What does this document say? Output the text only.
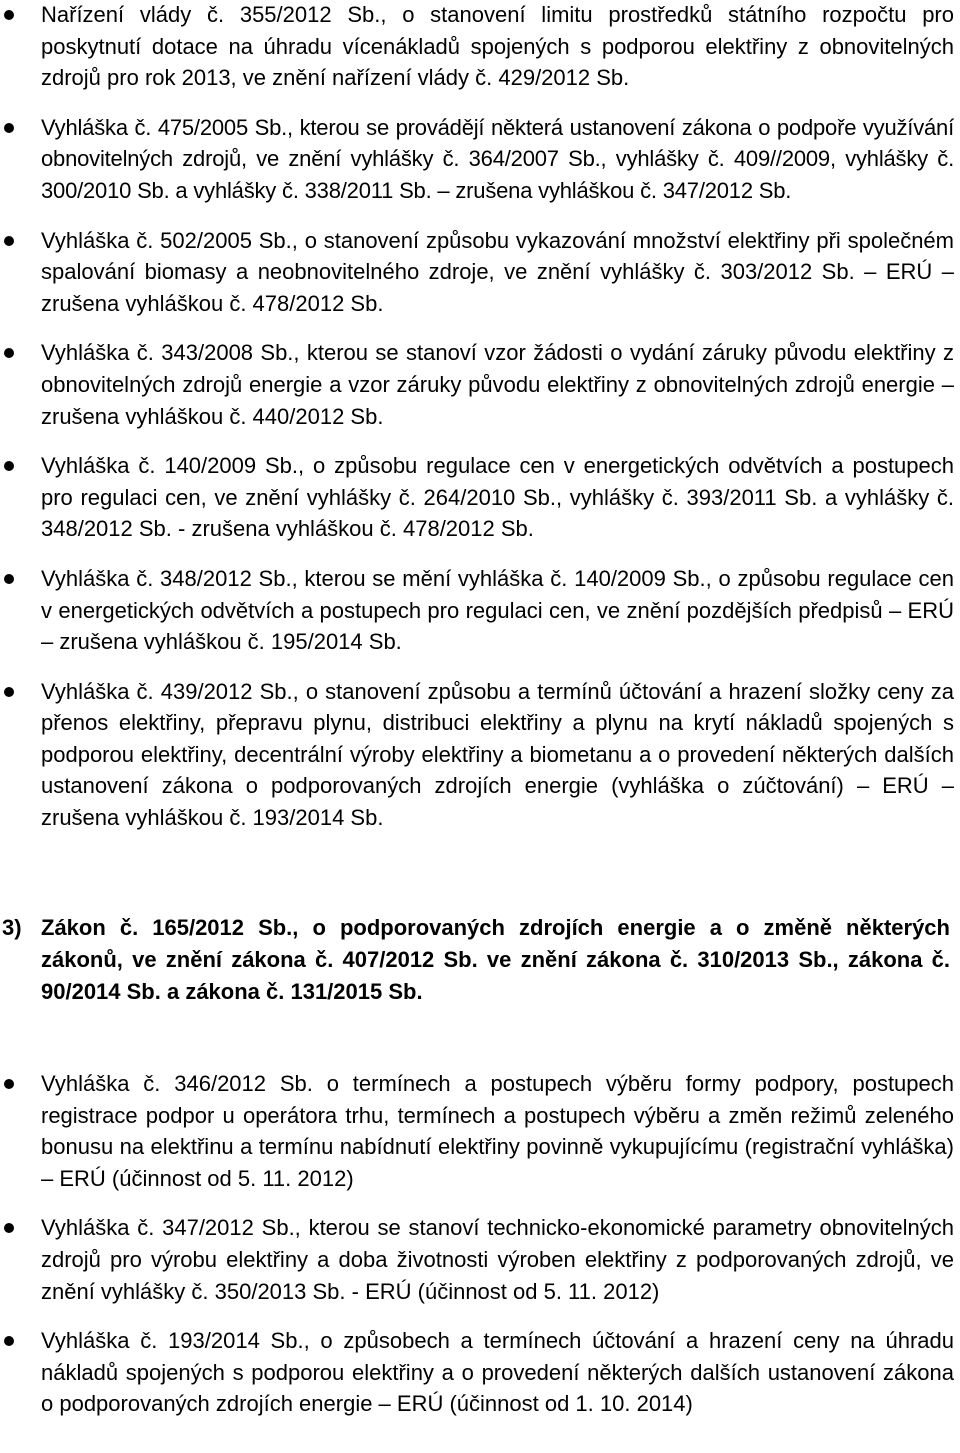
Nařízení vlády č. 355/2012 Sb., o stanovení limitu prostředků státního rozpočtu pro poskytnutí dotace na úhradu vícenákladů spojených s podporou elektřiny z obnovitelných zdrojů pro rok 2013, ve znění nařízení vlády č. 429/2012 Sb.
Vyhláška č. 475/2005 Sb., kterou se provádějí některá ustanovení zákona o podpoře využívání obnovitelných zdrojů, ve znění vyhlášky č. 364/2007 Sb., vyhlášky č. 409//2009, vyhlášky č. 300/2010 Sb. a vyhlášky č. 338/2011 Sb. – zrušena vyhláškou č. 347/2012 Sb.
Vyhláška č. 502/2005 Sb., o stanovení způsobu vykazování množství elektřiny při společném spalování biomasy a neobnovitelného zdroje, ve znění vyhlášky č. 303/2012 Sb. – ERÚ – zrušena vyhláškou č. 478/2012 Sb.
Vyhláška č. 343/2008 Sb., kterou se stanoví vzor žádosti o vydání záruky původu elektřiny z obnovitelných zdrojů energie a vzor záruky původu elektřiny z obnovitelných zdrojů energie – zrušena vyhláškou č. 440/2012 Sb.
Vyhláška č. 140/2009 Sb., o způsobu regulace cen v energetických odvětvích a postupech pro regulaci cen, ve znění vyhlášky č. 264/2010 Sb., vyhlášky č. 393/2011 Sb. a vyhlášky č. 348/2012 Sb. - zrušena vyhláškou č. 478/2012 Sb.
Vyhláška č. 348/2012 Sb., kterou se mění vyhláška č. 140/2009 Sb., o způsobu regulace cen v energetických odvětvích a postupech pro regulaci cen, ve znění pozdějších předpisů – ERÚ – zrušena vyhláškou č. 195/2014 Sb.
Vyhláška č. 439/2012 Sb., o stanovení způsobu a termínů účtování a hrazení složky ceny za přenos elektřiny, přepravu plynu, distribuci elektřiny a plynu na krytí nákladů spojených s podporou elektřiny, decentrální výroby elektřiny a biometanu a o provedení některých dalších ustanovení zákona o podporovaných zdrojích energie (vyhláška o zúčtování) – ERÚ – zrušena vyhláškou č. 193/2014 Sb.
3) Zákon č. 165/2012 Sb., o podporovaných zdrojích energie a o změně některých zákonů, ve znění zákona č. 407/2012 Sb. ve znění zákona č. 310/2013 Sb., zákona č. 90/2014 Sb. a zákona č. 131/2015 Sb.
Vyhláška č. 346/2012 Sb. o termínech a postupech výběru formy podpory, postupech registrace podpor u operátora trhu, termínech a postupech výběru a změn režimů zeleného bonusu na elektřinu a termínu nabídnutí elektřiny povinně vykupujícímu (registrační vyhláška) – ERÚ (účinnost od 5. 11. 2012)
Vyhláška č. 347/2012 Sb., kterou se stanoví technicko-ekonomické parametry obnovitelných zdrojů pro výrobu elektřiny a doba životnosti výroben elektřiny z podporovaných zdrojů, ve znění vyhlášky č. 350/2013 Sb. - ERÚ (účinnost od 5. 11. 2012)
Vyhláška č. 193/2014 Sb., o způsobech a termínech účtování a hrazení ceny na úhradu nákladů spojených s podporou elektřiny a o provedení některých dalších ustanovení zákona o podporovaných zdrojích energie – ERÚ (účinnost od 1. 10. 2014)
